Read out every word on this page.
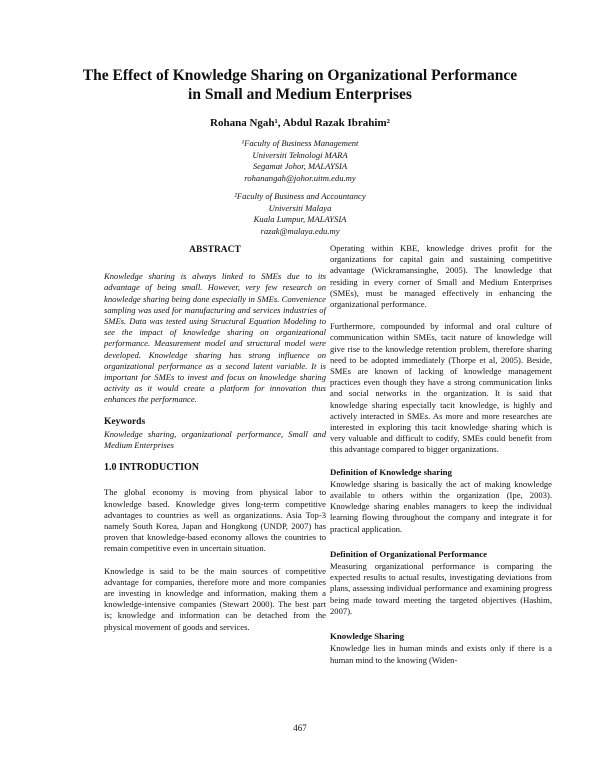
The Effect of Knowledge Sharing on Organizational Performance
in Small and Medium Enterprises
Rohana Ngah¹, Abdul Razak Ibrahim²
¹Faculty of Business Management
Universiti Teknologi MARA
Segamat Johor, MALAYSIA
rohanangah@johor.uitm.edu.my
²Faculty of Business and Accountancy
Universiti Malaya
Kuala Lumpur, MALAYSIA
razak@malaya.edu.my
ABSTRACT

Knowledge sharing is always linked to SMEs due to its advantage of being small. However, very few research on knowledge sharing being done especially in SMEs. Convenience sampling was used for manufacturing and services industries of SMEs. Data was tested using Structural Equation Modeling to see the impact of knowledge sharing on organizational performance. Measurement model and structural model were developed. Knowledge sharing has strong influence on organizational performance as a second latent variable. It is important for SMEs to invest and focus on knowledge sharing activity as it would create a platform for innovation thus enhances the performance.

Keywords

Knowledge sharing, organizational performance, Small and Medium Enterprises

1.0 INTRODUCTION

The global economy is moving from physical labor to knowledge based. Knowledge gives long-term competitive advantages to countries as well as organizations. Asia Top-3 namely South Korea, Japan and Hongkong (UNDP, 2007) has proven that knowledge-based economy allows the countries to remain competitive even in uncertain situation.

Knowledge is said to be the main sources of competitive advantage for companies, therefore more and more companies are investing in knowledge and information, making them a knowledge-intensive companies (Stewart 2000). The best part is; knowledge and information can be detached from the physical movement of goods and services.

Operating within KBE, knowledge drives profit for the organizations for capital gain and sustaining competitive advantage (Wickramansinghe, 2005). The knowledge that residing in every corner of Small and Medium Enterprises (SMEs), must be managed effectively in enhancing the organizational performance.

Furthermore, compounded by informal and oral culture of communication within SMEs, tacit nature of knowledge will give rise to the knowledge retention problem, therefore sharing need to be adopted immediately (Thorpe et al, 2005). Beside, SMEs are known of lacking of knowledge management practices even though they have a strong communication links and social networks in the organization. It is said that knowledge sharing especially tacit knowledge, is highly and actively interacted in SMEs. As more and more researches are interested in exploring this tacit knowledge sharing which is very valuable and difficult to codify, SMEs could benefit from this advantage compared to bigger organizations.

Definition of Knowledge sharing

Knowledge sharing is basically the act of making knowledge available to others within the organization (Ipe, 2003). Knowledge sharing enables managers to keep the individual learning flowing throughout the company and integrate it for practical application.

Definition of Organizational Performance

Measuring organizational performance is comparing the expected results to actual results, investigating deviations from plans, assessing individual performance and examining progress being made toward meeting the targeted objectives (Hashim, 2007).

Knowledge Sharing

Knowledge lies in human minds and exists only if there is a human mind to the knowing (Widen-

467
